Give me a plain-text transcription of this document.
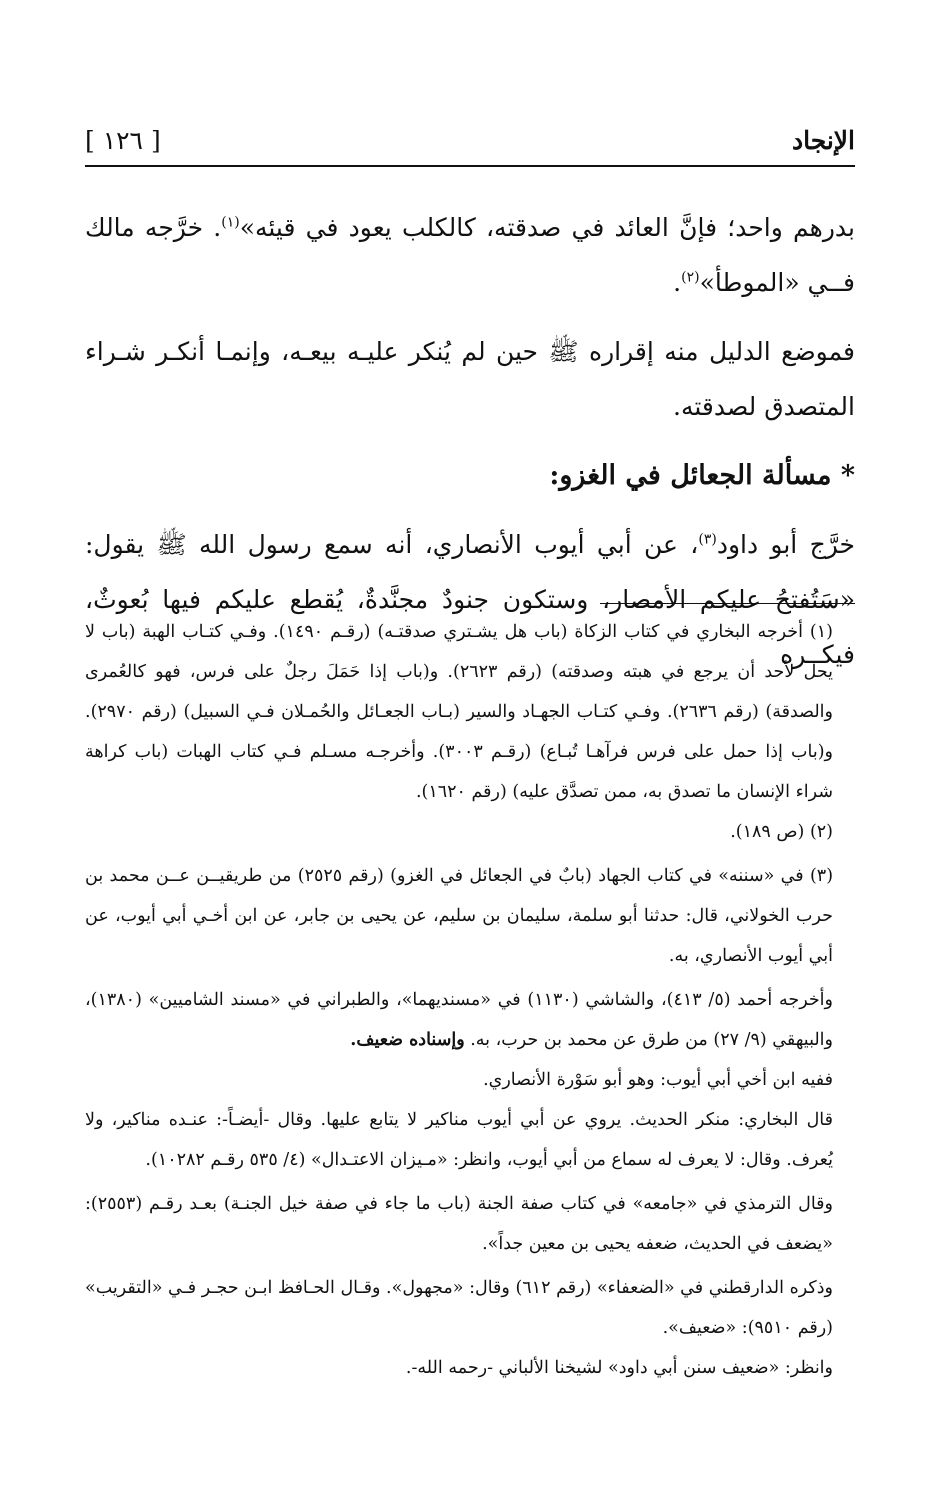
الإنجاد
[ ١٢٦ ]

بدرهم واحد؛ فإنَّ العائد في صدقته، كالكلب يعود في قيئه»$^{(١)}$. خرَّجه مالك فــي «الموطأ»$^{(٢)}$.

فموضع الدليل منه إقراره ﷺ حين لم يُنكر عليـه بيعـه، وإنمـا أنكـر شـراء المتصدق لصدقته.

* مسألة الجعائل في الغزو:

خرَّج أبو داود$^{(٣)}$، عن أبي أيوب الأنصاري، أنه سمع رسول الله ﷺ يقول: «سَتُفتحُ عليكم الأمصار، وستكون جنودٌ مجنَّدةٌ، يُقطع عليكم فيها بُعوثٌ، فيكــره

(١) أخرجه البخاري في كتاب الزكاة (باب هل يشـتري صدقتـه) (رقـم ١٤٩٠). وفـي كتـاب الهبة (باب لا يحل لأحد أن يرجع في هبته وصدقته) (رقم ٢٦٢٣). و(باب إذا حَمَلَ رجلٌ على فرس، فهو كالعُمرى والصدقة) (رقم ٢٦٣٦). وفـي كتـاب الجهـاد والسير (بـاب الجعـائل والحُمـلان فـي السبيل) (رقم ٢٩٧٠). و(باب إذا حمل على فرس فرآهـا تُبـاع) (رقـم ٣٠٠٣). وأخرجـه مسـلم فـي كتاب الهبات (باب كراهة شراء الإنسان ما تصدق به، ممن تصدَّق عليه) (رقم ١٦٢٠).

(٢) (ص ١٨٩).

(٣) في «سننه» في كتاب الجهاد (بابٌ في الجعائل في الغزو) (رقم ٢٥٢٥) من طريقيــن عــن محمد بن حرب الخولاني، قال: حدثنا أبو سلمة، سليمان بن سليم، عن يحيى بن جابر، عن ابن أخـي أبي أيوب، عن أبي أيوب الأنصاري، به.

وأخرجه أحمد (٥/ ٤١٣)، والشاشي (١١٣٠) في «مسنديهما»، والطبراني في «مسند الشاميين» (١٣٨٠)، والبيهقي (٩/ ٢٧) من طرق عن محمد بن حرب، به. وإسناده ضعيف.

ففيه ابن أخي أبي أيوب: وهو أبو سَوْرة الأنصاري.

قال البخاري: منكر الحديث. يروي عن أبي أيوب مناكير لا يتابع عليها. وقال -أيضـاً-: عنـده مناكير، ولا يُعرف. وقال: لا يعرف له سماع من أبي أيوب، وانظر: «مـيزان الاعتـدال» (٤/ ٥٣٥ رقـم ١٠٢٨٢).

وقال الترمذي في «جامعه» في كتاب صفة الجنة (باب ما جاء في صفة خيل الجنـة) بعـد رقـم (٢٥٥٣): «يضعف في الحديث، ضعفه يحيى بن معين جداً».

وذكره الدارقطني في «الضعفاء» (رقم ٦١٢) وقال: «مجهول». وقـال الحـافظ ابـن حجـر فـي «التقريب» (رقم ٩٥١٠): «ضعيف».

وانظر: «ضعيف سنن أبي داود» لشيخنا الألباني -رحمه الله-.
